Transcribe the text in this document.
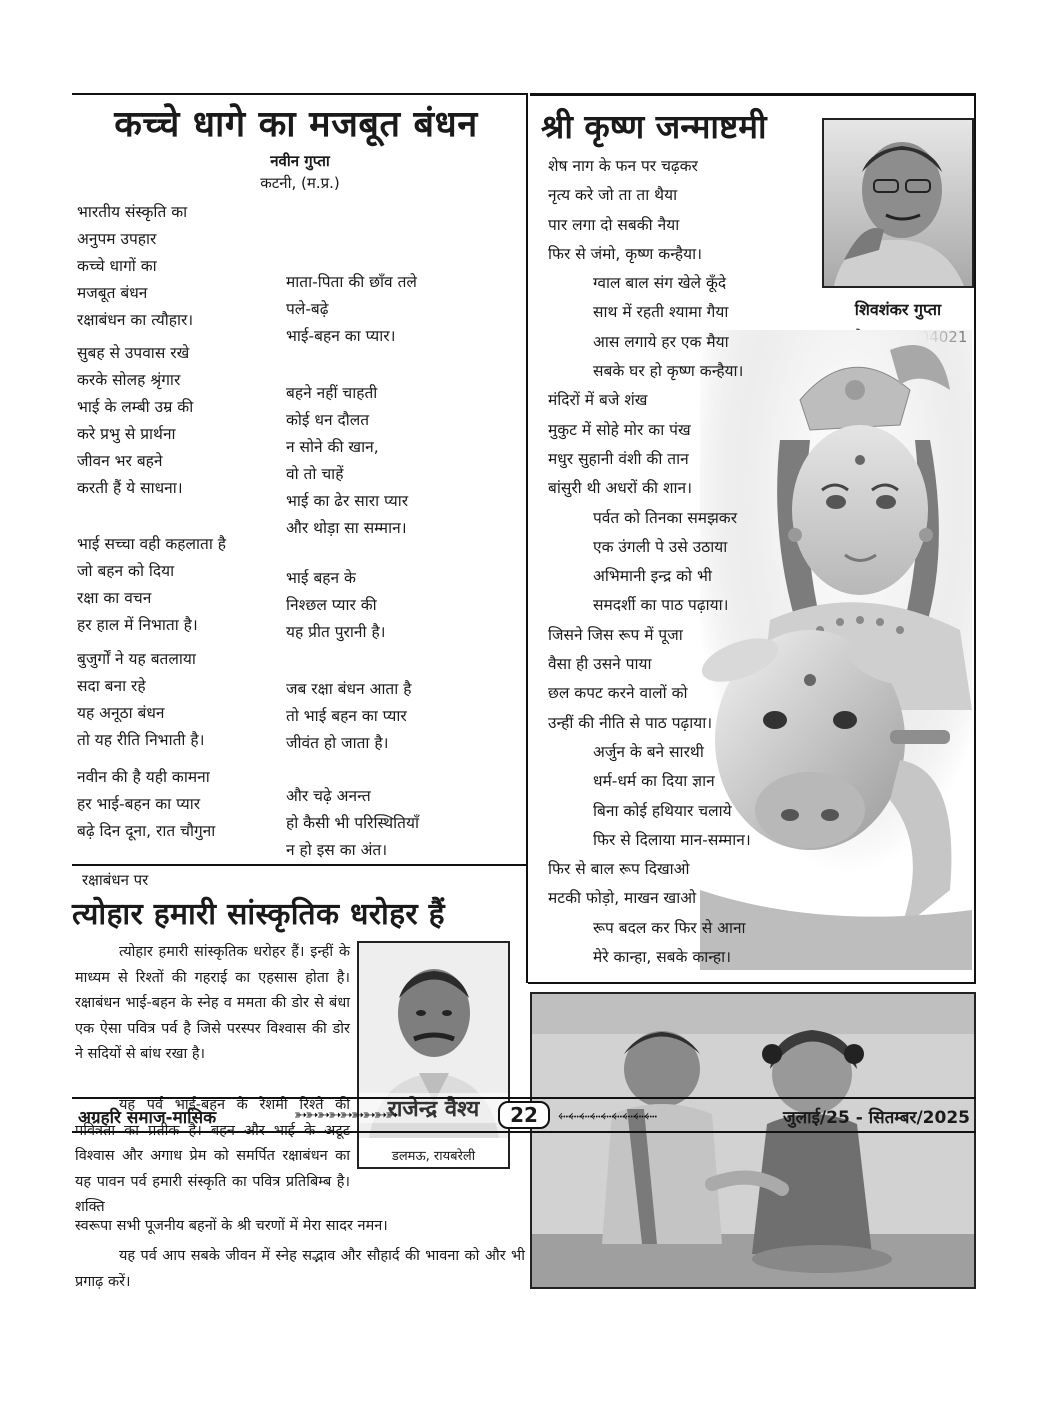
कच्चे धागे का मजबूत बंधन
नवीन गुप्ता
कटनी, (म.प्र.)
भारतीय संस्कृति का
अनुपम उपहार
कच्चे धागों का
मजबूत बंधन
रक्षाबंधन का त्यौहार।
सुबह से उपवास रखे
करके सोलह श्रृंगार
भाई के लम्बी उम्र की
करे प्रभु से प्रार्थना
जीवन भर बहने
करती हैं ये साधना।
भाई सच्चा वही कहलाता है
जो बहन को दिया
रक्षा का वचन
हर हाल में निभाता है।
बुजुर्गों ने यह बतलाया
सदा बना रहे
यह अनूठा बंधन
तो यह रीति निभाती है।
नवीन की है यही कामना
हर भाई-बहन का प्यार
बढ़े दिन दूना, रात चौगुना
माता-पिता की छाँव तले
पले-बढ़े
भाई-बहन का प्यार।
बहने नहीं चाहती
कोई धन दौलत
न सोने की खान,
वो तो चाहें
भाई का ढेर सारा प्यार
और थोड़ा सा सम्मान।
भाई बहन के
निश्छल प्यार की
यह प्रीत पुरानी है।
जब रक्षा बंधन आता है
तो भाई बहन का प्यार
जीवंत हो जाता है।
और चढ़े अनन्त
हो कैसी भी परिस्थितियाँ
न हो इस का अंत।
श्री कृष्ण जन्माष्टमी
शेष नाग के फन पर चढ़कर
नृत्य करे जो ता ता थैया
पार लगा दो सबकी नैया
फिर से जंमो, कृष्ण कन्हैया।
ग्वाल बाल संग खेले कूँदे
साथ में रहती श्यामा गैया
आस लगाये हर एक मैया
सबके घर हो कृष्ण कन्हैया।
मंदिरों में बजे शंख
मुकुट में सोहे मोर का पंख
मधुर सुहानी वंशी की तान
बांसुरी थी अधरों की शान।
पर्वत को तिनका समझकर
एक उंगली पे उसे उठाया
अभिमानी इन्द्र को भी
समदर्शी का पाठ पढ़ाया।
जिसने जिस रूप में पूजा
वैसा ही उसने पाया
छल कपट करने वालों को
उन्हीं की नीति से पाठ पढ़ाया।
अर्जुन के बने सारथी
धर्म-धर्म का दिया ज्ञान
बिना कोई हथियार चलाये
फिर से दिलाया मान-सम्मान।
फिर से बाल रूप दिखाओ
मटकी फोड़ो, माखन खाओ
रूप बदल कर फिर से आना
मेरे कान्हा, सबके कान्हा।
शिवशंकर गुप्ता
रक्षाबंधन पर
त्योहार हमारी सांस्कृतिक धरोहर हैं
त्योहार हमारी सांस्कृतिक धरोहर हैं। इन्हीं के माध्यम से रिश्तों की गहराई का एहसास होता है। रक्षाबंधन भाई-बहन के स्नेह व ममता की डोर से बंधा एक ऐसा पवित्र पर्व है जिसे परस्पर विश्वास की डोर ने सदियों से बांध रखा है।
यह पर्व भाई-बहन के रेशमी रिश्ते की पवित्रता का प्रतीक है। बहन और भाई के अटूट विश्वास और अगाध प्रेम को समर्पित रक्षाबंधन का यह पावन पर्व हमारी संस्कृति का पवित्र प्रतिबिम्ब है। शक्ति
स्वरूपा सभी पूजनीय बहनों के श्री चरणों में मेरा सादर नमन।
यह पर्व आप सबके जीवन में स्नेह सद्भाव और सौहार्द की भावना को और भी प्रगाढ़ करें।
राजेन्द्र वैश्य
डलमऊ, रायबरेली
अग्रहरि समाज-मासिक	➳➳➳➳➳➳➳➳➳	22	⬸⬸⬸⬸⬸⬸⬸⬸⬸	जुलाई/25 - सितम्बर/2025
